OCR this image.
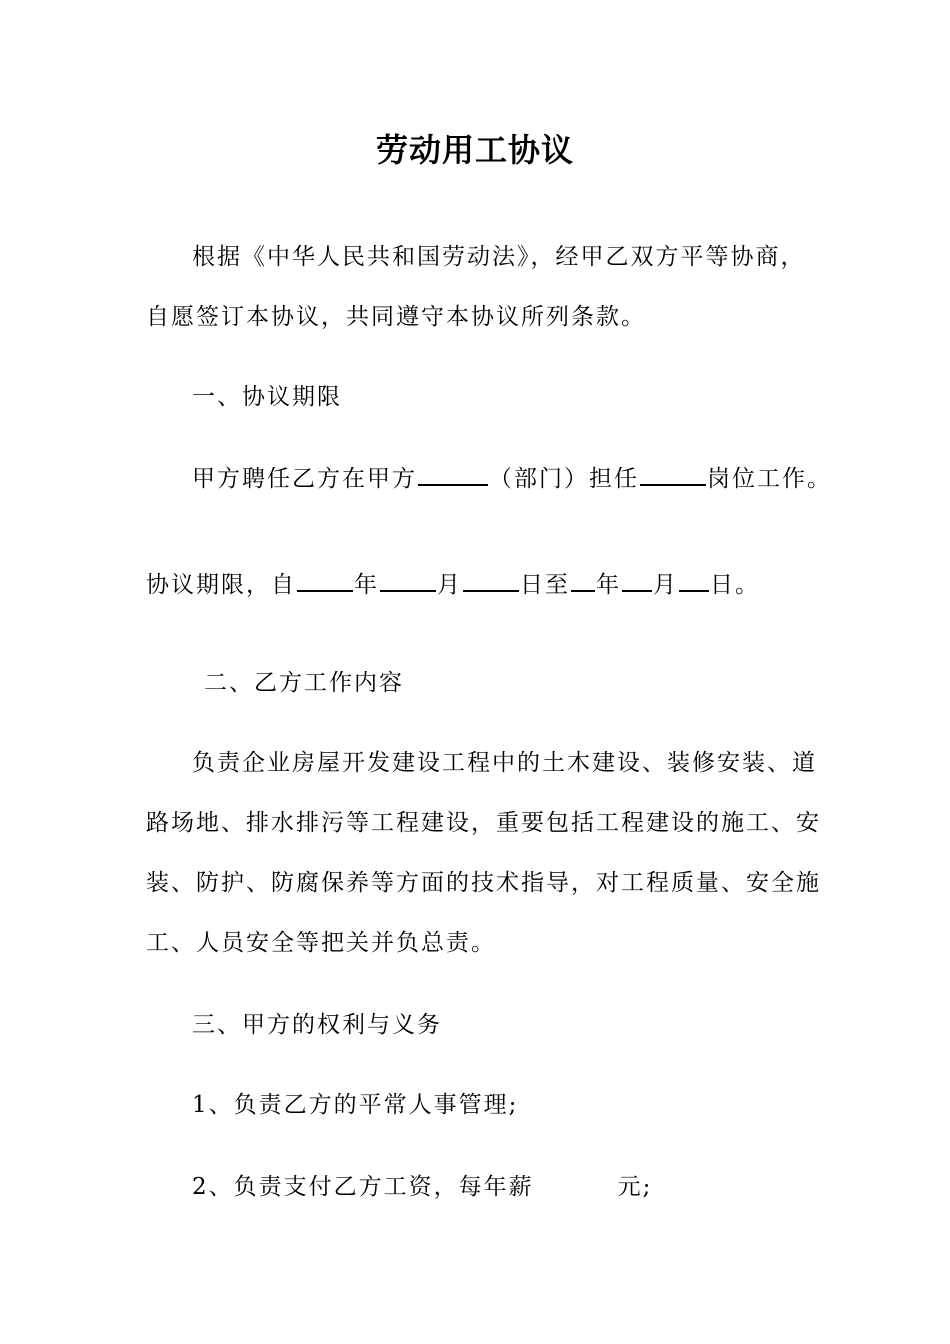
劳动用工协议
根据《中华人民共和国劳动法》，经甲乙双方平等协商，
自愿签订本协议，共同遵守本协议所列条款。
一、协议期限
甲方聘任乙方在甲方	（部门）担任	岗位工作。
协议期限，自	年	月	日至 年 月 日。
二、乙方工作内容
负责企业房屋开发建设工程中的土木建设、装修安装、道
路场地、排水排污等工程建设，重要包括工程建设的施工、安
装、防护、防腐保养等方面的技术指导，对工程质量、安全施
工、人员安全等把关并负总责。
三、甲方的权利与义务
1、负责乙方的平常人事管理;
2、负责支付乙方工资，每年薪	元;
